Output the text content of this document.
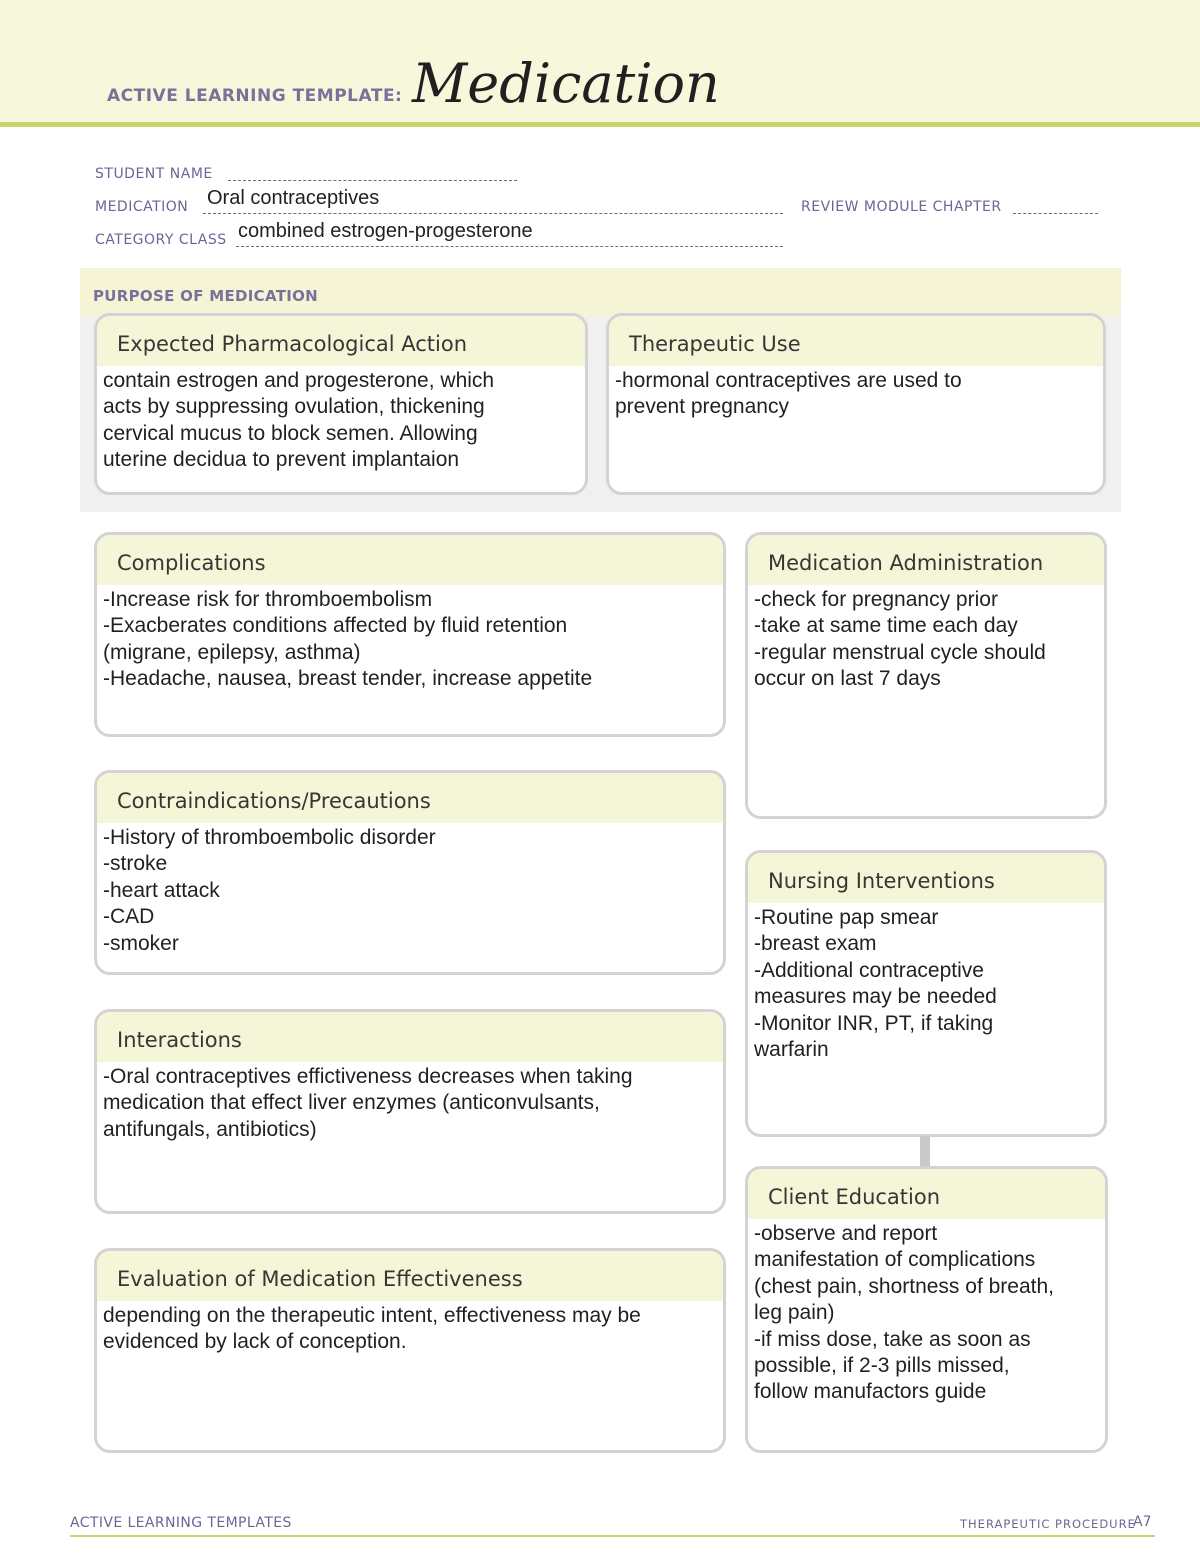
ACTIVE LEARNING TEMPLATE: Medication
STUDENT NAME
MEDICATION Oral contraceptives	REVIEW MODULE CHAPTER
CATEGORY CLASS combined estrogen-progesterone
PURPOSE OF MEDICATION
Expected Pharmacological Action
contain estrogen and progesterone, which
acts by suppressing ovulation, thickening
cervical mucus to block semen. Allowing
uterine decidua to prevent implantaion
Therapeutic Use
-hormonal contraceptives are used to
prevent pregnancy
Complications
-Increase risk for thromboembolism
-Exacberates conditions affected by fluid retention
(migrane, epilepsy, asthma)
-Headache, nausea, breast tender, increase appetite
Contraindications/Precautions
-History of thromboembolic disorder
-stroke
-heart attack
-CAD
-smoker
Interactions
-Oral contraceptives effictiveness decreases when taking
medication that effect liver enzymes (anticonvulsants,
antifungals, antibiotics)
Evaluation of Medication Effectiveness
depending on the therapeutic intent, effectiveness may be
evidenced by lack of conception.
Medication Administration
-check for pregnancy prior
-take at same time each day
-regular menstrual cycle should
occur on last 7 days
Nursing Interventions
-Routine pap smear
-breast exam
-Additional contraceptive
measures may be needed
-Monitor INR, PT, if taking
warfarin
Client Education
-observe and report
manifestation of complications
(chest pain, shortness of breath,
leg pain)
-if miss dose, take as soon as
possible, if 2-3 pills missed,
follow manufactors guide
ACTIVE LEARNING TEMPLATES	THERAPEUTIC PROCEDURE
A7
